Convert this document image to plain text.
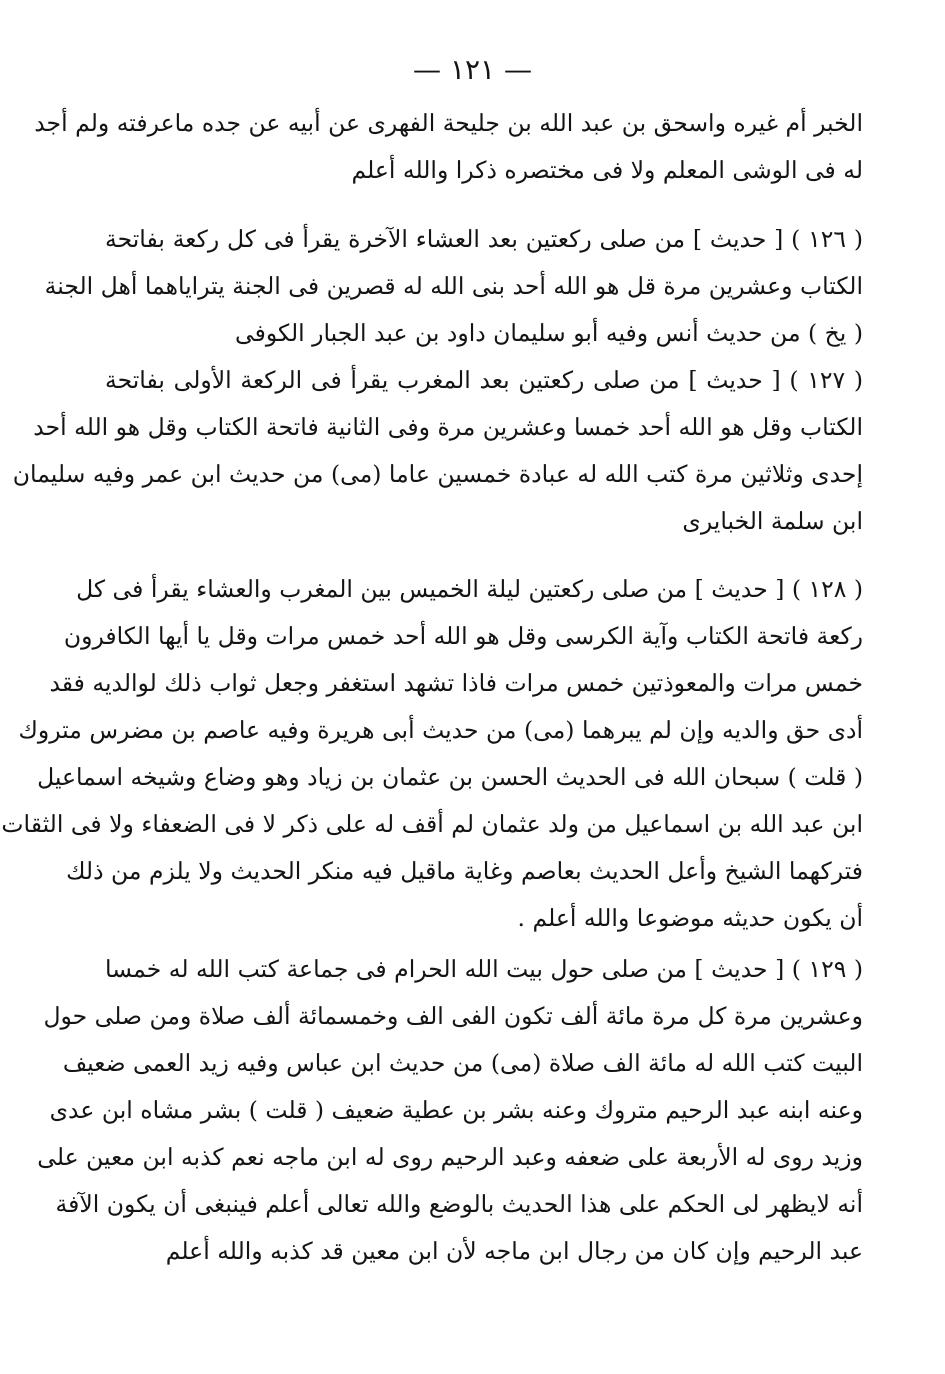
— ١٢١ —
الخبر أم غيره واسحق بن عبد الله بن جليحة الفهرى عن أبيه عن جده ماعرفته ولم أجد
له فى الوشى المعلم ولا فى مختصره ذكرا والله أعلم
( ١٢٦ ) [ حديث ] من صلى ركعتين بعد العشاء الآخرة يقرأ فى كل ركعة بفاتحة
الكتاب وعشرين مرة قل هو الله أحد بنى الله له قصرين فى الجنة يتراياهما أهل الجنة
( يخ ) من حديث أنس وفيه أبو سليمان داود بن عبد الجبار الكوفى
( ١٢٧ ) [ حديث ] من صلى ركعتين بعد المغرب يقرأ فى الركعة الأولى بفاتحة
الكتاب وقل هو الله أحد خمسا وعشرين مرة وفى الثانية فاتحة الكتاب وقل هو الله أحد
إحدى وثلاثين مرة كتب الله له عبادة خمسين عاما (مى) من حديث ابن عمر وفيه سليمان
ابن سلمة الخبايرى
( ١٢٨ ) [ حديث ] من صلى ركعتين ليلة الخميس بين المغرب والعشاء يقرأ فى كل
ركعة فاتحة الكتاب وآية الكرسى وقل هو الله أحد خمس مرات وقل يا أيها الكافرون
خمس مرات والمعوذتين خمس مرات فاذا تشهد استغفر وجعل ثواب ذلك لوالديه فقد
أدى حق والديه وإن لم يبرهما (مى) من حديث أبى هريرة وفيه عاصم بن مضرس متروك
( قلت ) سبحان الله فى الحديث الحسن بن عثمان بن زياد وهو وضاع وشيخه اسماعيل
ابن عبد الله بن اسماعيل من ولد عثمان لم أقف له على ذكر لا فى الضعفاء ولا فى الثقات
فتركهما الشيخ وأعل الحديث بعاصم وغاية ماقيل فيه منكر الحديث ولا يلزم من ذلك
أن يكون حديثه موضوعا والله أعلم .
( ١٢٩ ) [ حديث ] من صلى حول بيت الله الحرام فى جماعة كتب الله له خمسا
وعشرين مرة كل مرة مائة ألف تكون الفى الف وخمسمائة ألف صلاة ومن صلى حول
البيت كتب الله له مائة الف صلاة (مى) من حديث ابن عباس وفيه زيد العمى ضعيف
وعنه ابنه عبد الرحيم متروك وعنه بشر بن عطية ضعيف ( قلت ) بشر مشاه ابن عدى
وزيد روى له الأربعة على ضعفه وعبد الرحيم روى له ابن ماجه نعم كذبه ابن معين على
أنه لايظهر لى الحكم على هذا الحديث بالوضع والله تعالى أعلم فينبغى أن يكون الآفة
عبد الرحيم وإن كان من رجال ابن ماجه لأن ابن معين قد كذبه والله أعلم
